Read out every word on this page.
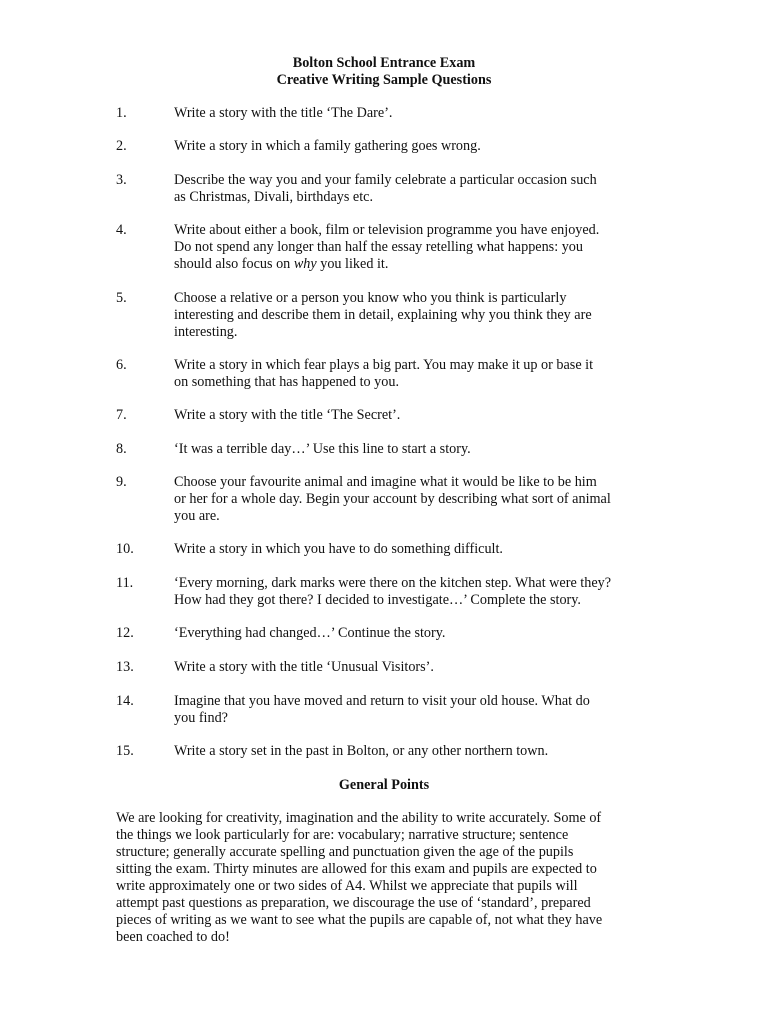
Bolton School Entrance Exam
Creative Writing Sample Questions
1.	Write a story with the title ‘The Dare’.
2.	Write a story in which a family gathering goes wrong.
3.	Describe the way you and your family celebrate a particular occasion such
as Christmas, Divali, birthdays etc.
4.	Write about either a book, film or television programme you have enjoyed.
Do not spend any longer than half the essay retelling what happens: you
should also focus on why you liked it.
5.	Choose a relative or a person you know who you think is particularly
interesting and describe them in detail, explaining why you think they are
interesting.
6.	Write a story in which fear plays a big part. You may make it up or base it
on something that has happened to you.
7.	Write a story with the title ‘The Secret’.
8.	‘It was a terrible day…’ Use this line to start a story.
9.	Choose your favourite animal and imagine what it would be like to be him
or her for a whole day. Begin your account by describing what sort of animal
you are.
10.	Write a story in which you have to do something difficult.
11.	‘Every morning, dark marks were there on the kitchen step. What were they?
How had they got there? I decided to investigate…’ Complete the story.
12.	‘Everything had changed…’ Continue the story.
13.	Write a story with the title ‘Unusual Visitors’.
14.	Imagine that you have moved and return to visit your old house. What do
you find?
15.	Write a story set in the past in Bolton, or any other northern town.
General Points
We are looking for creativity, imagination and the ability to write accurately. Some of
the things we look particularly for are: vocabulary; narrative structure; sentence
structure; generally accurate spelling and punctuation given the age of the pupils
sitting the exam. Thirty minutes are allowed for this exam and pupils are expected to
write approximately one or two sides of A4. Whilst we appreciate that pupils will
attempt past questions as preparation, we discourage the use of ‘standard’, prepared
pieces of writing as we want to see what the pupils are capable of, not what they have
been coached to do!
